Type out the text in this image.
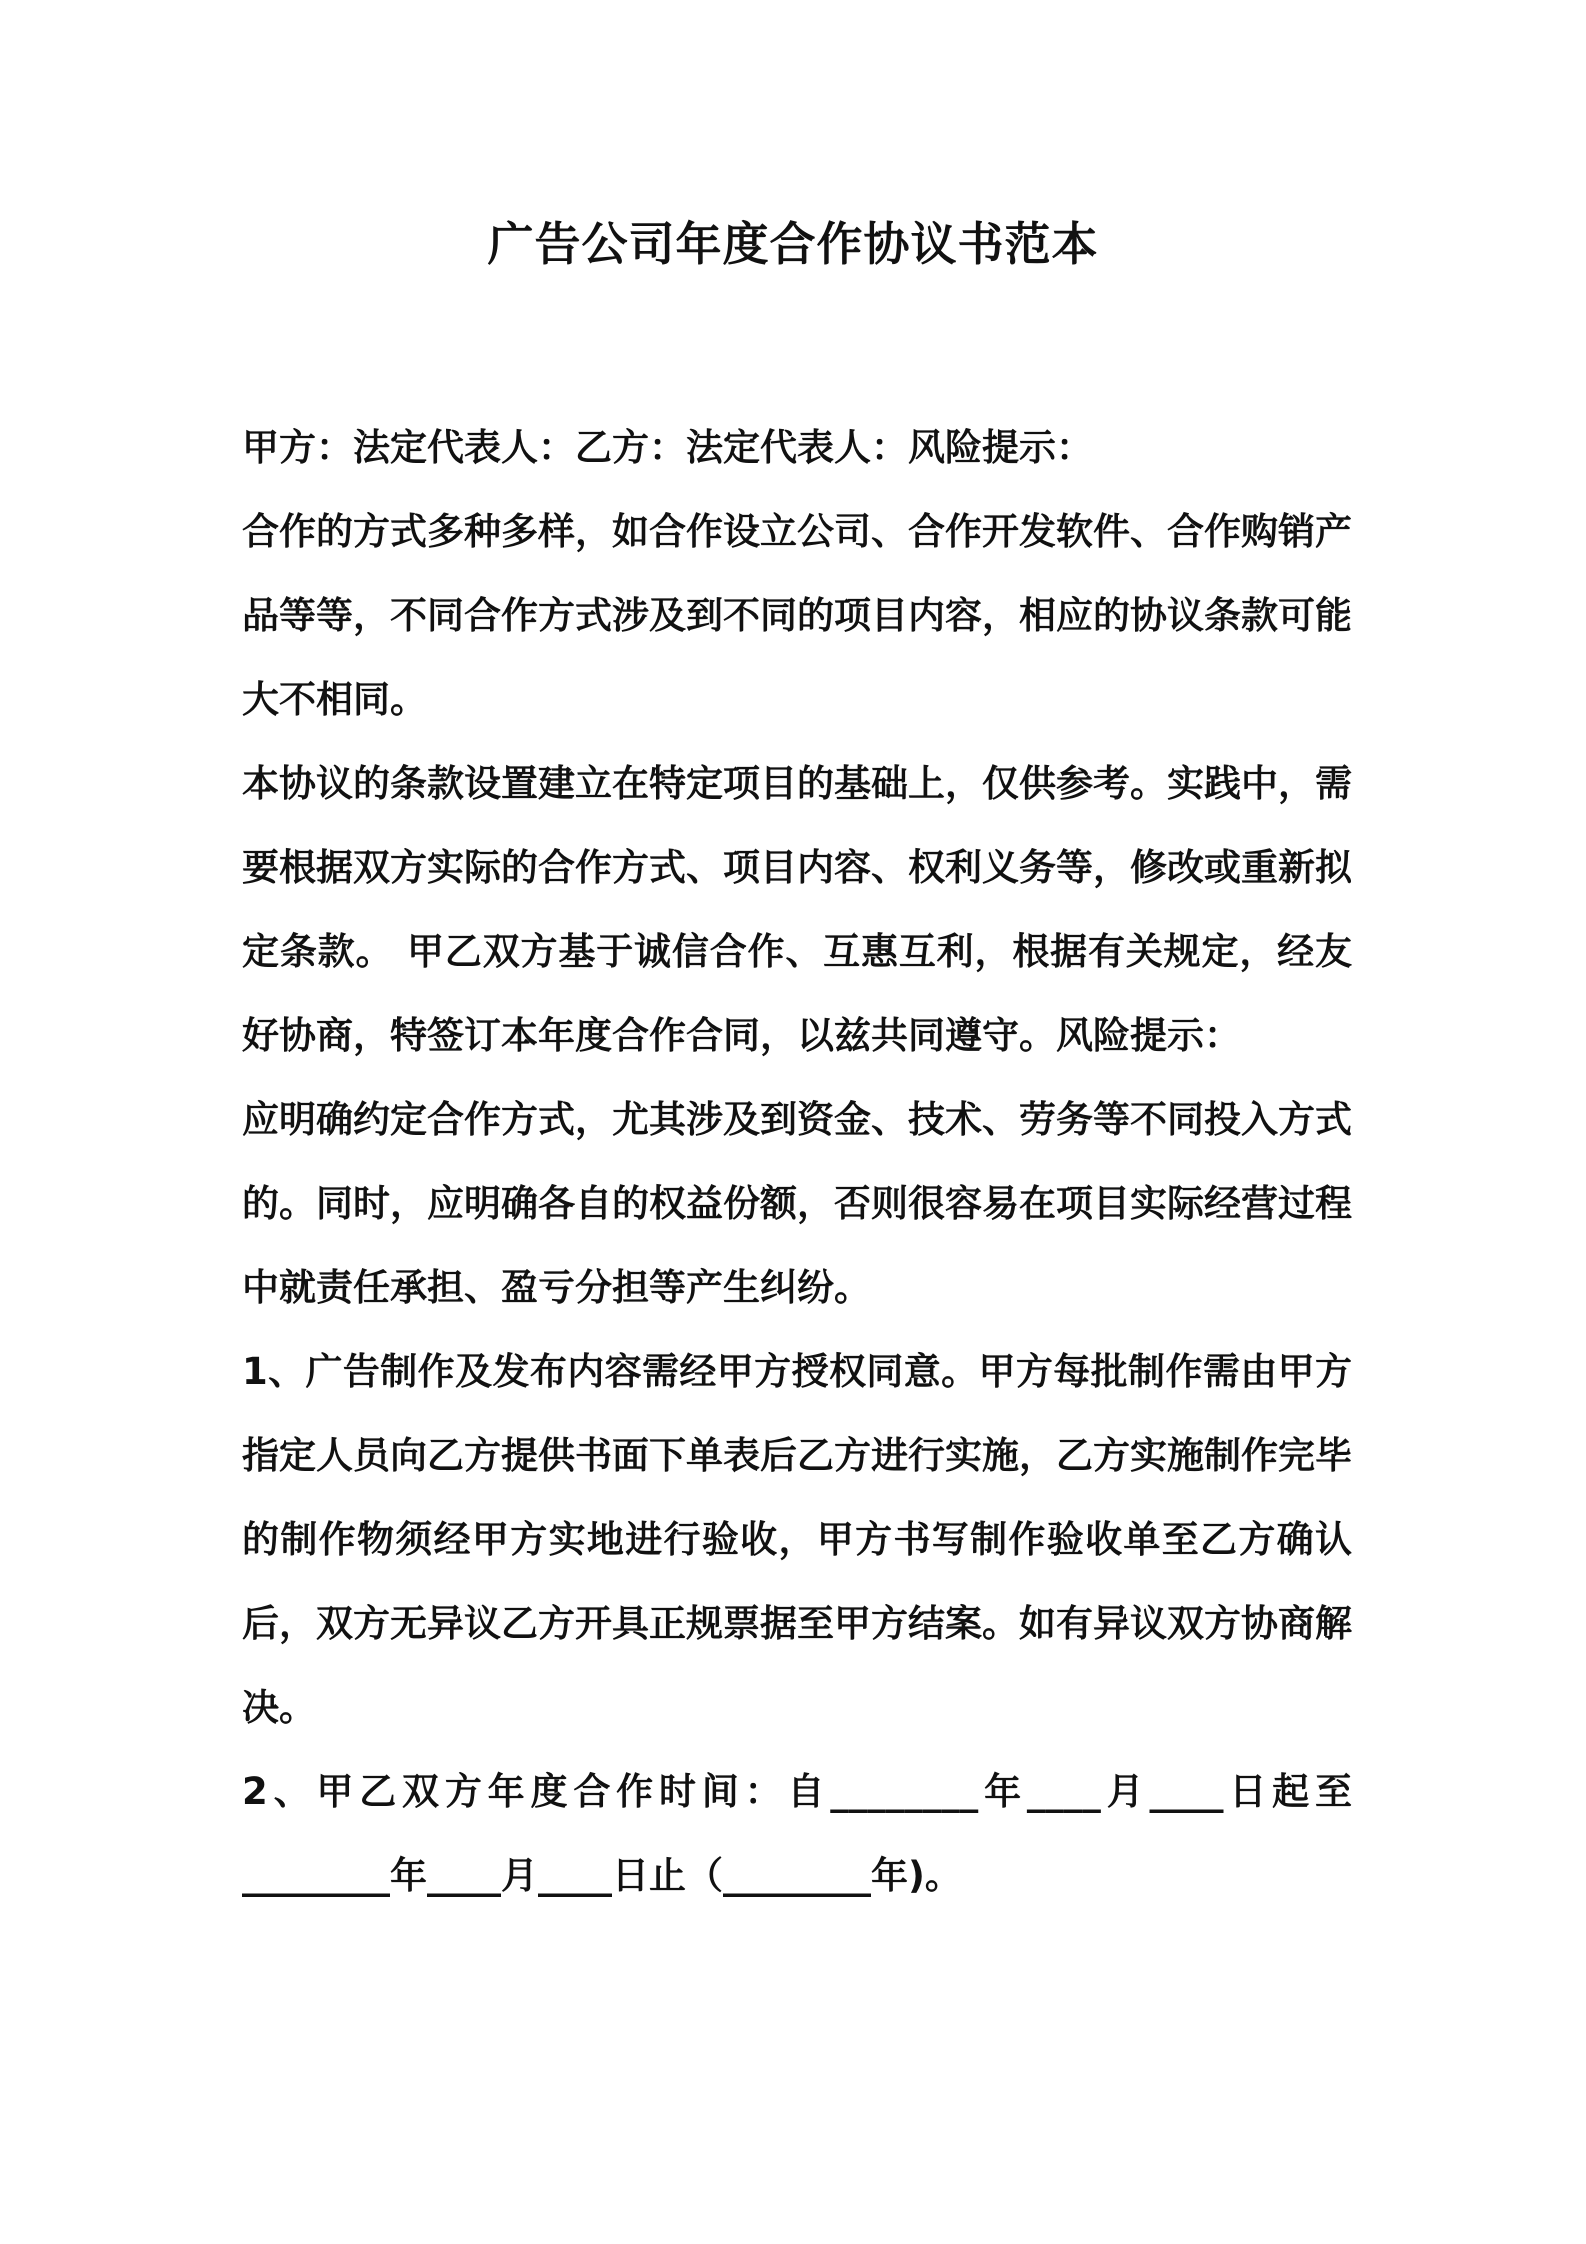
广告公司年度合作协议书范本

甲方：法定代表人：乙方：法定代表人：风险提示：

合作的方式多种多样，如合作设立公司、合作开发软件、合作购销产品等等，不同合作方式涉及到不同的项目内容，相应的协议条款可能大不相同。

本协议的条款设置建立在特定项目的基础上，仅供参考。实践中，需要根据双方实际的合作方式、项目内容、权利义务等，修改或重新拟定条款。 甲乙双方基于诚信合作、互惠互利，根据有关规定，经友好协商，特签订本年度合作合同，以兹共同遵守。风险提示：

应明确约定合作方式，尤其涉及到资金、技术、劳务等不同投入方式的。同时，应明确各自的权益份额，否则很容易在项目实际经营过程中就责任承担、盈亏分担等产生纠纷。

1、广告制作及发布内容需经甲方授权同意。甲方每批制作需由甲方指定人员向乙方提供书面下单表后乙方进行实施，乙方实施制作完毕的制作物须经甲方实地进行验收，甲方书写制作验收单至乙方确认后，双方无异议乙方开具正规票据至甲方结案。如有异议双方协商解决。

2、甲乙双方年度合作时间：自________年____月____日起至________年____月____日止（________年)。
